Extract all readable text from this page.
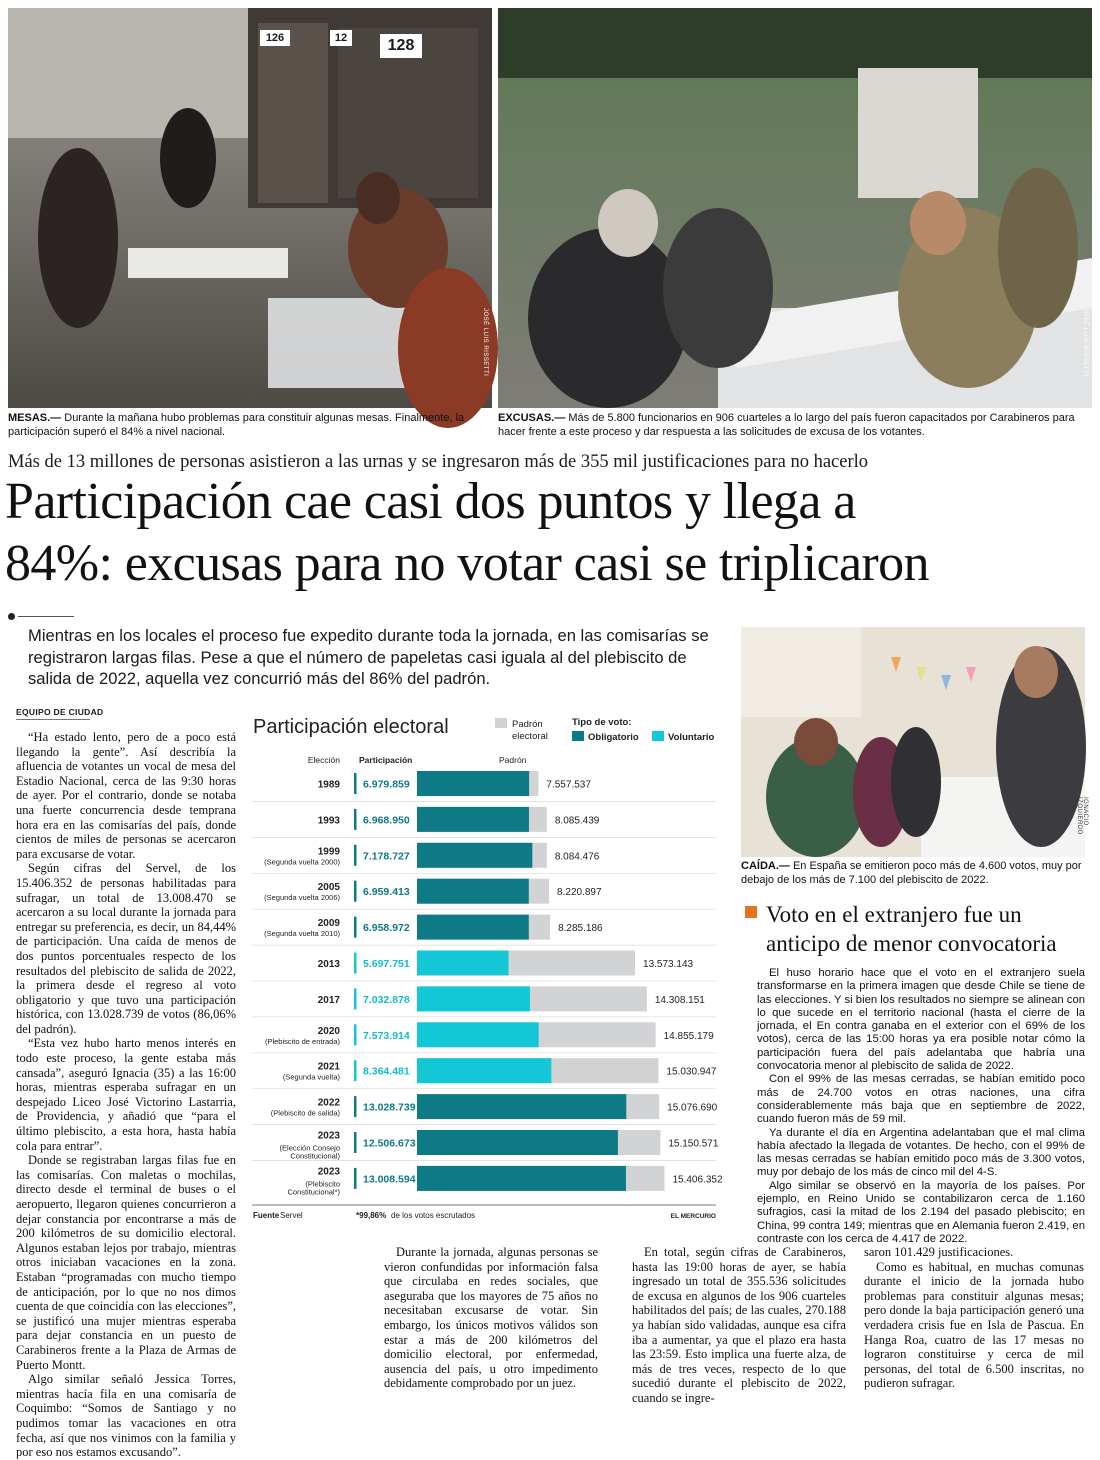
126	12	128
JOSÉ LUIS RISSETTI
MESAS.— Durante la mañana hubo problemas para constituir algunas mesas. Finalmente, la participación superó el 84% a nivel nacional.
JOSÉ LUIS RISSETTI
EXCUSAS.— Más de 5.800 funcionarios en 906 cuarteles a lo largo del país fueron capacitados por Carabineros para hacer frente a este proceso y dar respuesta a las solicitudes de excusa de los votantes.
Más de 13 millones de personas asistieron a las urnas y se ingresaron más de 355 mil justificaciones para no hacerlo
Participación cae casi dos puntos y llega a
84%: excusas para no votar casi se triplicaron
Mientras en los locales el proceso fue expedito durante toda la jornada, en las comisarías se registraron largas filas. Pese a que el número de papeletas casi iguala al del plebiscito de salida de 2022, aquella vez concurrió más del 86% del padrón.
EQUIPO DE CIUDAD

“Ha estado lento, pero de a poco está llegando la gente”. Así describía la afluencia de votantes un vocal de mesa del Estadio Nacional, cerca de las 9:30 horas de ayer. Por el contrario, donde se notaba una fuerte concurrencia desde temprana hora era en las comisarías del país, donde cientos de miles de personas se acercaron para excusarse de votar.

Según cifras del Servel, de los 15.406.352 de personas habilitadas para sufragar, un total de 13.008.470 se acercaron a su local durante la jornada para entregar su preferencia, es decir, un 84,44% de participación. Una caída de menos de dos puntos porcentuales respecto de los resultados del plebiscito de salida de 2022, la primera desde el regreso al voto obligatorio y que tuvo una participación histórica, con 13.028.739 de votos (86,06% del padrón).

“Esta vez hubo harto menos interés en todo este proceso, la gente estaba más cansada”, aseguró Ignacia (35) a las 16:00 horas, mientras esperaba sufragar en un despejado Liceo José Victorino Lastarria, de Providencia, y añadió que “para el último plebiscito, a esta hora, hasta había cola para entrar”.

Donde se registraban largas filas fue en las comisarías. Con maletas o mochilas, directo desde el terminal de buses o el aeropuerto, llegaron quienes concurrieron a dejar constancia por encontrarse a más de 200 kilómetros de su domicilio electoral. Algunos estaban lejos por trabajo, mientras otros iniciaban vacaciones en la zona. Estaban “programadas con mucho tiempo de anticipación, por lo que no nos dimos cuenta de que coincidía con las elecciones”, se justificó una mujer mientras esperaba para dejar constancia en un puesto de Carabineros frente a la Plaza de Armas de Puerto Montt.

Algo similar señaló Jessica Torres, mientras hacía fila en una comisaría de Coquimbo: “Somos de Santiago y no pudimos tomar las vacaciones en otra fecha, así que nos vinimos con la familia y por eso nos estamos excusando”.

Participación electoral	Padrón
electoral
Tipo de voto:
Obligatorio	Voluntario
Elección Participación	Padrón
1989 6.979.859	7.557.537
1993 6.968.950	8.085.439
1999
(Segunda vuelta 2000) 7.178.727	8.084.476
2005
(Segunda vuelta 2006) 6.959.413	8.220.897
2009
(Segunda vuelta 2010) 6.958.972	8.285.186
2013 5.697.751	13.573.143
2017 7.032.878	14.308.151
2020
(Plebiscito de entrada) 7.573.914	14.855.179
2021
(Segunda vuelta) 8.364.481	15.030.947
2022
(Plebiscito de salida) 13.028.739	15.076.690
2023
(Elección Consejo
Constitucional)
12.506.673	15.150.571
2023
(Plebiscito
Constitucional*)
13.008.594	15.406.352
Fuente Servel	*99,86% de los votos escrutados	EL MERCURIO
IGNACIO IZQUIERDO
CAÍDA.— En España se emitieron poco más de 4.600 votos, muy por debajo de los más de 7.100 del plebiscito de 2022.
Voto en el extranjero fue un
anticipo de menor convocatoria

El huso horario hace que el voto en el extranjero suela transformarse en la primera imagen que desde Chile se tiene de las elecciones. Y si bien los resultados no siempre se alinean con lo que sucede en el territorio nacional (hasta el cierre de la jornada, el En contra ganaba en el exterior con el 69% de los votos), cerca de las 15:00 horas ya era posible notar cómo la participación fuera del país adelantaba que habría una convocatoria menor al plebiscito de salida de 2022.

Con el 99% de las mesas cerradas, se habían emitido poco más de 24.700 votos en otras naciones, una cifra considerablemente más baja que en septiembre de 2022, cuando fueron más de 59 mil.

Ya durante el día en Argentina adelantaban que el mal clima había afectado la llegada de votantes. De hecho, con el 99% de las mesas cerradas se habían emitido poco más de 3.300 votos, muy por debajo de los más de cinco mil del 4-S.

Algo similar se observó en la mayoría de los países. Por ejemplo, en Reino Unido se contabilizaron cerca de 1.160 sufragios, casi la mitad de los 2.194 del pasado plebiscito; en China, 99 contra 149; mientras que en Alemania fueron 2.419, en contraste con los cerca de 4.417 de 2022.

Durante la jornada, algunas personas se vieron confundidas por información falsa que circulaba en redes sociales, que aseguraba que los mayores de 75 años no necesitaban excusarse de votar. Sin embargo, los únicos motivos válidos son estar a más de 200 kilómetros del domicilio electoral, por enfermedad, ausencia del país, u otro impedimento debidamente comprobado por un juez.

En total, según cifras de Carabineros, hasta las 19:00 horas de ayer, se había ingresado un total de 355.536 solicitudes de excusa en algunos de los 906 cuarteles habilitados del país; de las cuales, 270.188 ya habían sido validadas, aunque esa cifra iba a aumentar, ya que el plazo era hasta las 23:59. Esto implica una fuerte alza, de más de tres veces, respecto de lo que sucedió durante el plebiscito de 2022, cuando se ingre-

saron 101.429 justificaciones.

Como es habitual, en muchas comunas durante el inicio de la jornada hubo problemas para constituir algunas mesas; pero donde la baja participación generó una verdadera crisis fue en Isla de Pascua. En Hanga Roa, cuatro de las 17 mesas no lograron constituirse y cerca de mil personas, del total de 6.500 inscritas, no pudieron sufragar.
